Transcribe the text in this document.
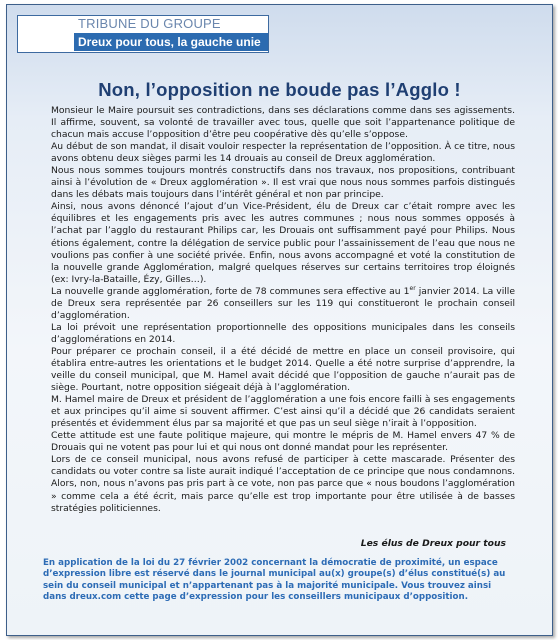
TRIBUNE DU GROUPE
Dreux pour tous, la gauche unie
Non, l’opposition ne boude pas l’Agglo !

Monsieur le Maire poursuit ses contradictions, dans ses déclarations comme dans ses agissements. Il affirme, souvent, sa volonté de travailler avec tous, quelle que soit l’appartenance politique de chacun mais accuse l’opposition d’être peu coopérative dès qu’elle s’oppose.

Au début de son mandat, il disait vouloir respecter la représentation de l’opposition. À ce titre, nous avons obtenu deux sièges parmi les 14 drouais au conseil de Dreux agglomération.

Nous nous sommes toujours montrés constructifs dans nos travaux, nos propositions, contribuant ainsi à l’évolution de « Dreux agglomération ». Il est vrai que nous nous sommes parfois distingués dans les débats mais toujours dans l’intérêt général et non par principe.

Ainsi, nous avons dénoncé l’ajout d’un Vice-Président, élu de Dreux car c’était rompre avec les équilibres et les engagements pris avec les autres communes ; nous nous sommes opposés à l’achat par l’agglo du restaurant Philips car, les Drouais ont suffisamment payé pour Philips. Nous étions également, contre la délégation de service public pour l’assainissement de l’eau que nous ne voulions pas confier à une société privée. Enfin, nous avons accompagné et voté la constitution de la nouvelle grande Agglomération, malgré quelques réserves sur certains territoires trop éloignés (ex: Ivry-la-Bataille, Ézy, Gilles…).

La nouvelle grande agglomération, forte de 78 communes sera effective au 1er janvier 2014. La ville de Dreux sera représentée par 26 conseillers sur les 119 qui constitueront le prochain conseil d’agglomération.

La loi prévoit une représentation proportionnelle des oppositions municipales dans les conseils d’agglomérations en 2014.

Pour préparer ce prochain conseil, il a été décidé de mettre en place un conseil provisoire, qui établira entre-autres les orientations et le budget 2014. Quelle a été notre surprise d’apprendre, la veille du conseil municipal, que M. Hamel avait décidé que l’opposition de gauche n’aurait pas de siège. Pourtant, notre opposition siégeait déjà à l’agglomération.

M. Hamel maire de Dreux et président de l’agglomération a une fois encore failli à ses engagements et aux principes qu’il aime si souvent affirmer. C’est ainsi qu’il a décidé que 26 candidats seraient présentés et évidemment élus par sa majorité et que pas un seul siège n’irait à l’opposition.

Cette attitude est une faute politique majeure, qui montre le mépris de M. Hamel envers 47 % de Drouais qui ne votent pas pour lui et qui nous ont donné mandat pour les représenter.

Lors de ce conseil municipal, nous avons refusé de participer à cette mascarade. Présenter des candidats ou voter contre sa liste aurait indiqué l’acceptation de ce principe que nous condamnons. Alors, non, nous n’avons pas pris part à ce vote, non pas parce que « nous boudons l’agglomération » comme cela a été écrit, mais parce qu’elle est trop importante pour être utilisée à de basses stratégies politiciennes.

Les élus de Dreux pour tous
En application de la loi du 27 février 2002 concernant la démocratie de proximité, un espace d’expression libre est réservé dans le journal municipal au(x) groupe(s) d’élus constitué(s) au sein du conseil municipal et n’appartenant pas à la majorité municipale. Vous trouvez ainsi dans dreux.com cette page d’expression pour les conseillers municipaux d’opposition.
